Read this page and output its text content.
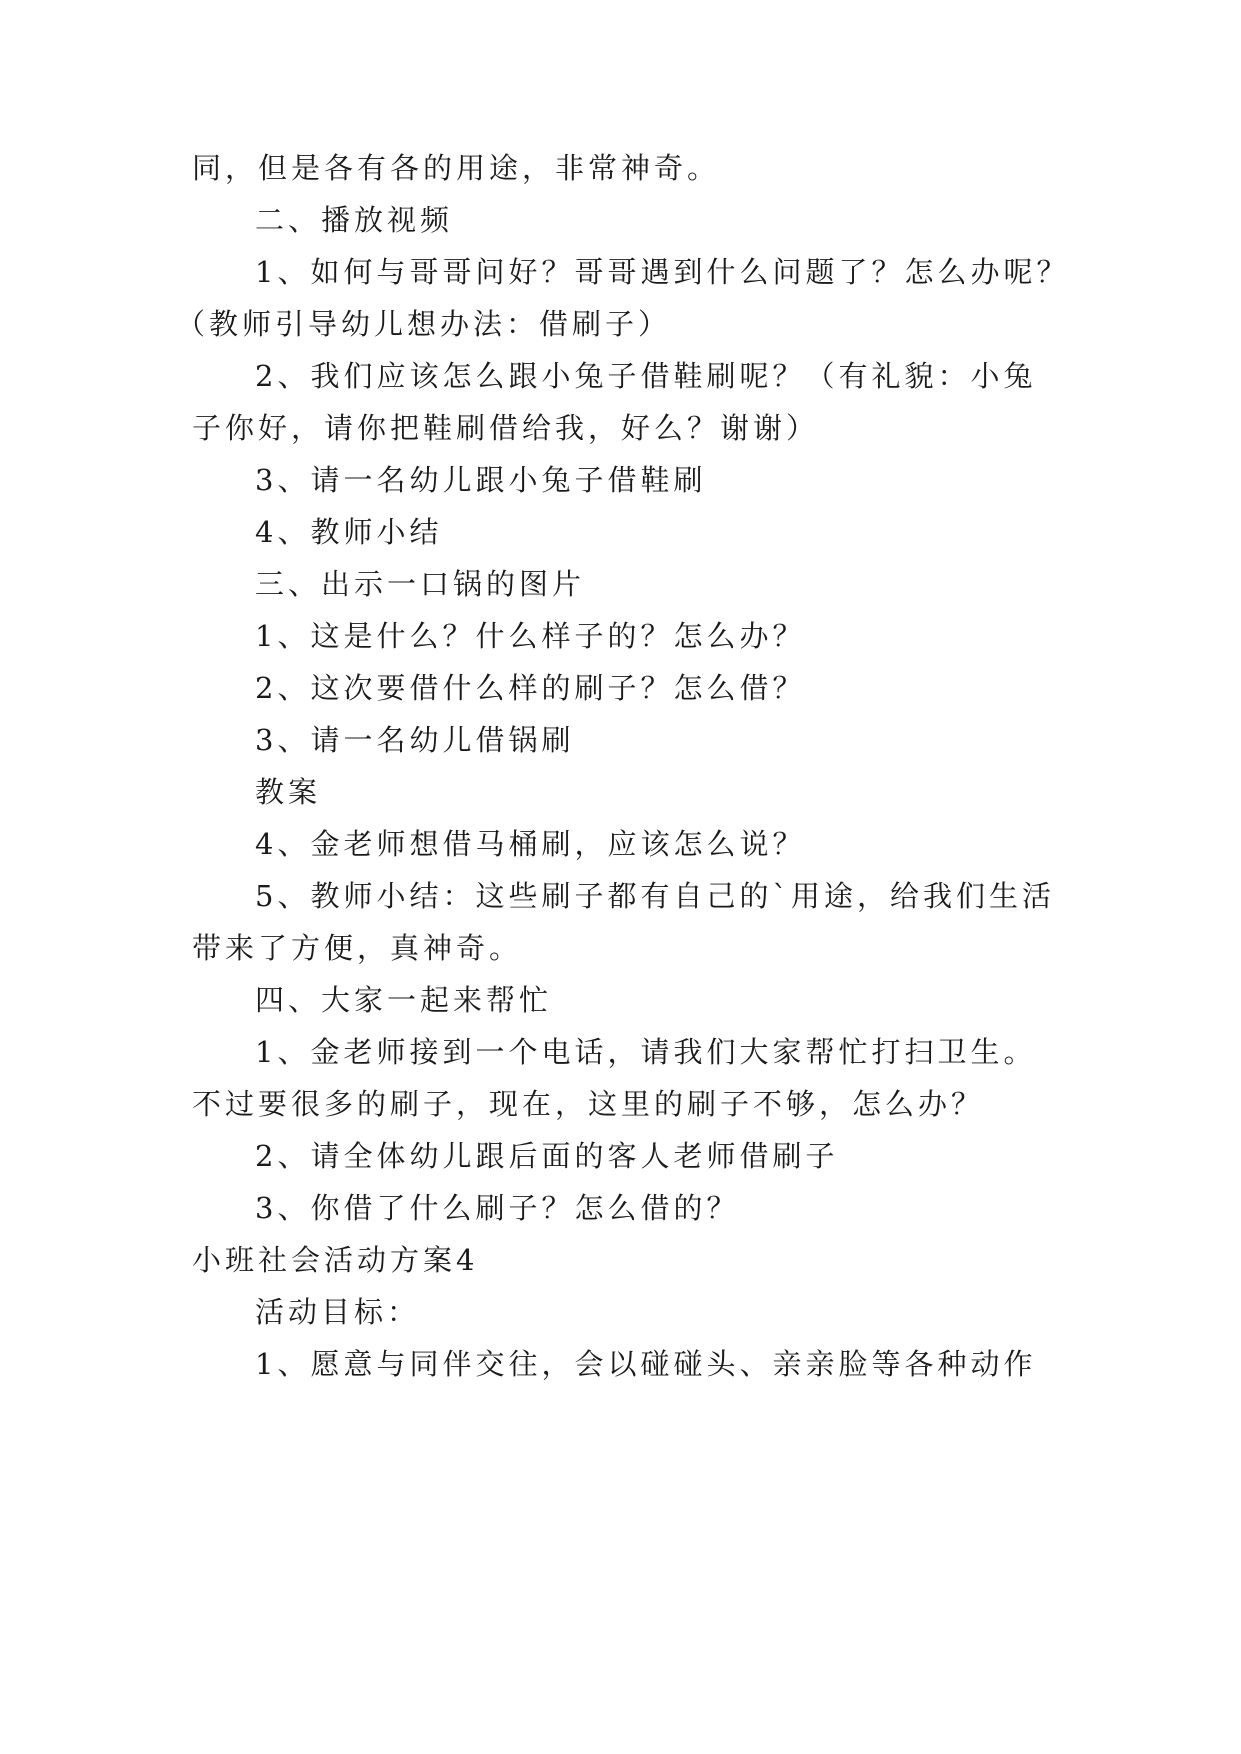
同，但是各有各的用途，非常神奇。
二、播放视频
1、如何与哥哥问好？哥哥遇到什么问题了？怎么办呢？
（教师引导幼儿想办法：借刷子）
2、我们应该怎么跟小兔子借鞋刷呢？（有礼貌：小兔
子你好，请你把鞋刷借给我，好么？谢谢）
3、请一名幼儿跟小兔子借鞋刷
4、教师小结
三、出示一口锅的图片
1、这是什么？什么样子的？怎么办？
2、这次要借什么样的刷子？怎么借？
3、请一名幼儿借锅刷
教案
4、金老师想借马桶刷，应该怎么说？
5、教师小结：这些刷子都有自己的`用途，给我们生活
带来了方便，真神奇。
四、大家一起来帮忙
1、金老师接到一个电话，请我们大家帮忙打扫卫生。
不过要很多的刷子，现在，这里的刷子不够，怎么办？
2、请全体幼儿跟后面的客人老师借刷子
3、你借了什么刷子？怎么借的？
小班社会活动方案4
活动目标：
1、愿意与同伴交往，会以碰碰头、亲亲脸等各种动作
